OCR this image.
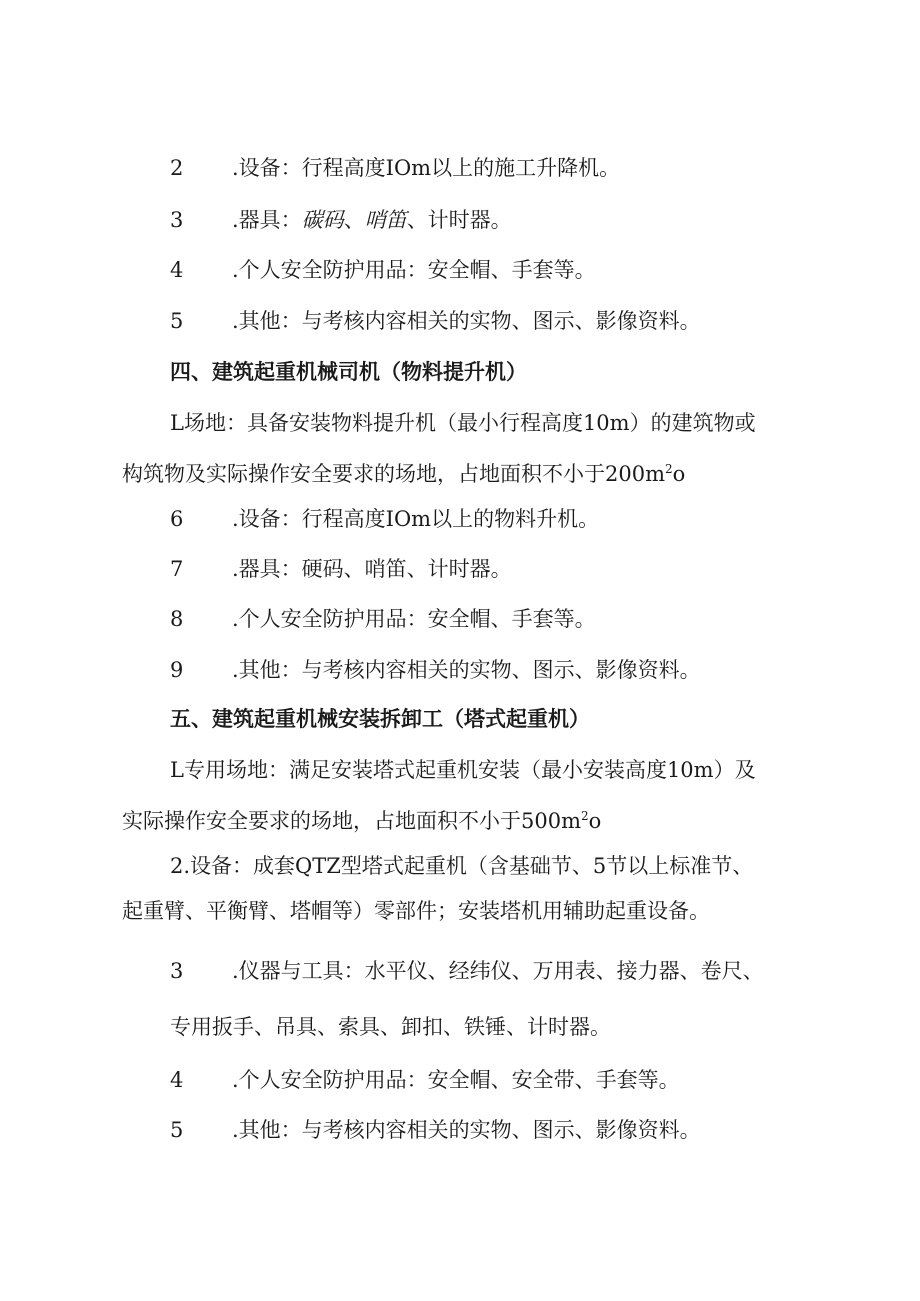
2 .设备：行程高度IOm以上的施工升降机。
3 .器具：碳码、哨笛、计时器。
4 .个人安全防护用品：安全帽、手套等。
5 .其他：与考核内容相关的实物、图示、影像资料。
四、建筑起重机械司机（物料提升机）
L场地：具备安装物料提升机（最小行程高度10m）的建筑物或
构筑物及实际操作安全要求的场地，占地面积不小于$200m^2o$
6 .设备：行程高度IOm以上的物料升机。
7 .器具：硬码、哨笛、计时器。
8 .个人安全防护用品：安全帽、手套等。
9 .其他：与考核内容相关的实物、图示、影像资料。
五、建筑起重机械安装拆卸工（塔式起重机）
L专用场地：满足安装塔式起重机安装（最小安装高度10m）及
实际操作安全要求的场地，占地面积不小于$500m^2o$
2.设备：成套QTZ型塔式起重机（含基础节、5节以上标准节、
起重臂、平衡臂、塔帽等）零部件；安装塔机用辅助起重设备。
3 .仪器与工具：水平仪、经纬仪、万用表、接力器、卷尺、
专用扳手、吊具、索具、卸扣、铁锤、计时器。
4 .个人安全防护用品：安全帽、安全带、手套等。
5 .其他：与考核内容相关的实物、图示、影像资料。
